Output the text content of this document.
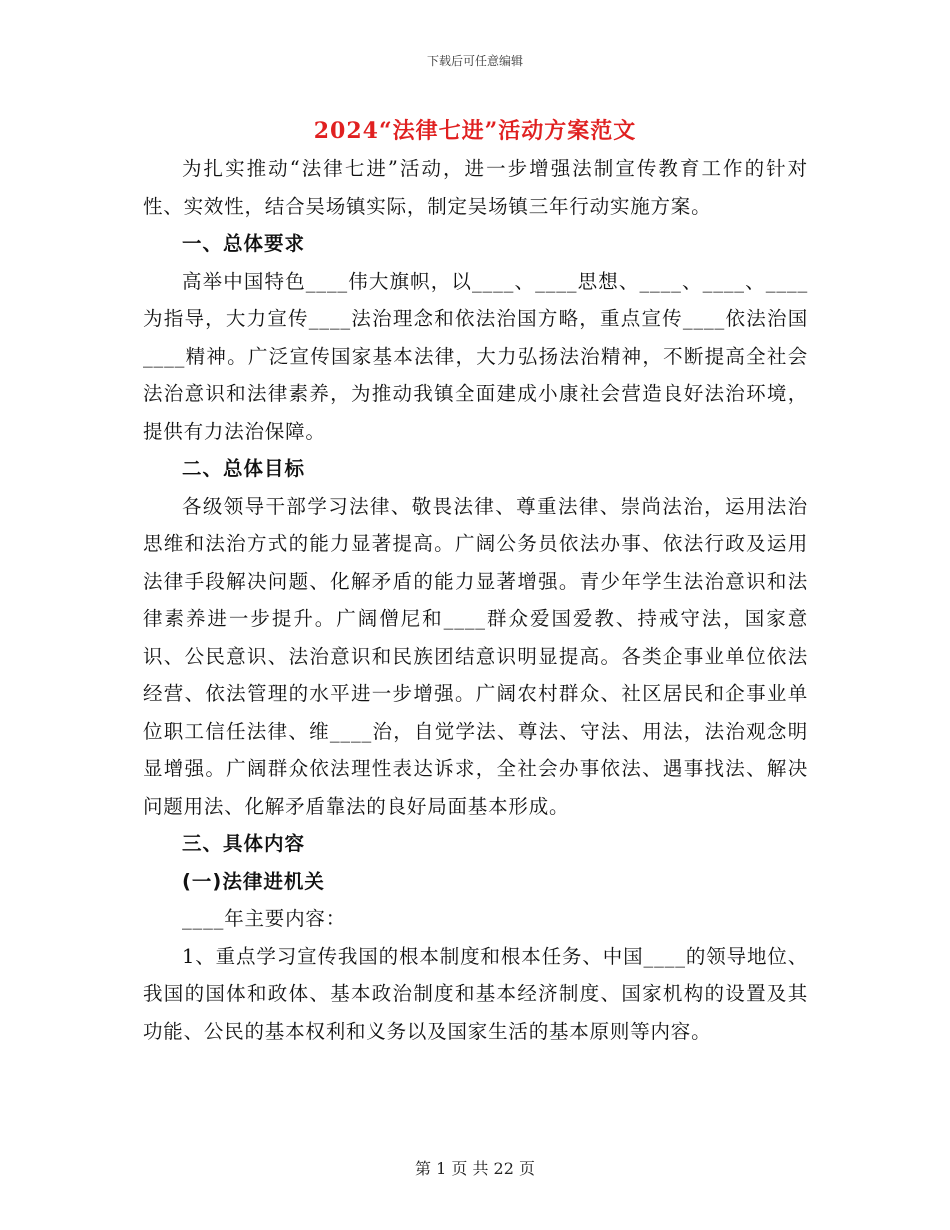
下载后可任意编辑
2024“法律七进”活动方案范文

为扎实推动“法律七进”活动，进一步增强法制宣传教育工作的针对性、实效性，结合吴场镇实际，制定吴场镇三年行动实施方案。

一、总体要求

高举中国特色____伟大旗帜，以____、____思想、____、____、____为指导，大力宣传____法治理念和依法治国方略，重点宣传____依法治国____精神。广泛宣传国家基本法律，大力弘扬法治精神，不断提高全社会法治意识和法律素养，为推动我镇全面建成小康社会营造良好法治环境，提供有力法治保障。

二、总体目标

各级领导干部学习法律、敬畏法律、尊重法律、崇尚法治，运用法治思维和法治方式的能力显著提高。广阔公务员依法办事、依法行政及运用法律手段解决问题、化解矛盾的能力显著增强。青少年学生法治意识和法律素养进一步提升。广阔僧尼和____群众爱国爱教、持戒守法，国家意识、公民意识、法治意识和民族团结意识明显提高。各类企事业单位依法经营、依法管理的水平进一步增强。广阔农村群众、社区居民和企事业单位职工信任法律、维____治，自觉学法、尊法、守法、用法，法治观念明显增强。广阔群众依法理性表达诉求，全社会办事依法、遇事找法、解决问题用法、化解矛盾靠法的良好局面基本形成。

三、具体内容

(一)法律进机关

____年主要内容：

1、重点学习宣传我国的根本制度和根本任务、中国____的领导地位、我国的国体和政体、基本政治制度和基本经济制度、国家机构的设置及其功能、公民的基本权利和义务以及国家生活的基本原则等内容。

第 1 页 共 22 页
